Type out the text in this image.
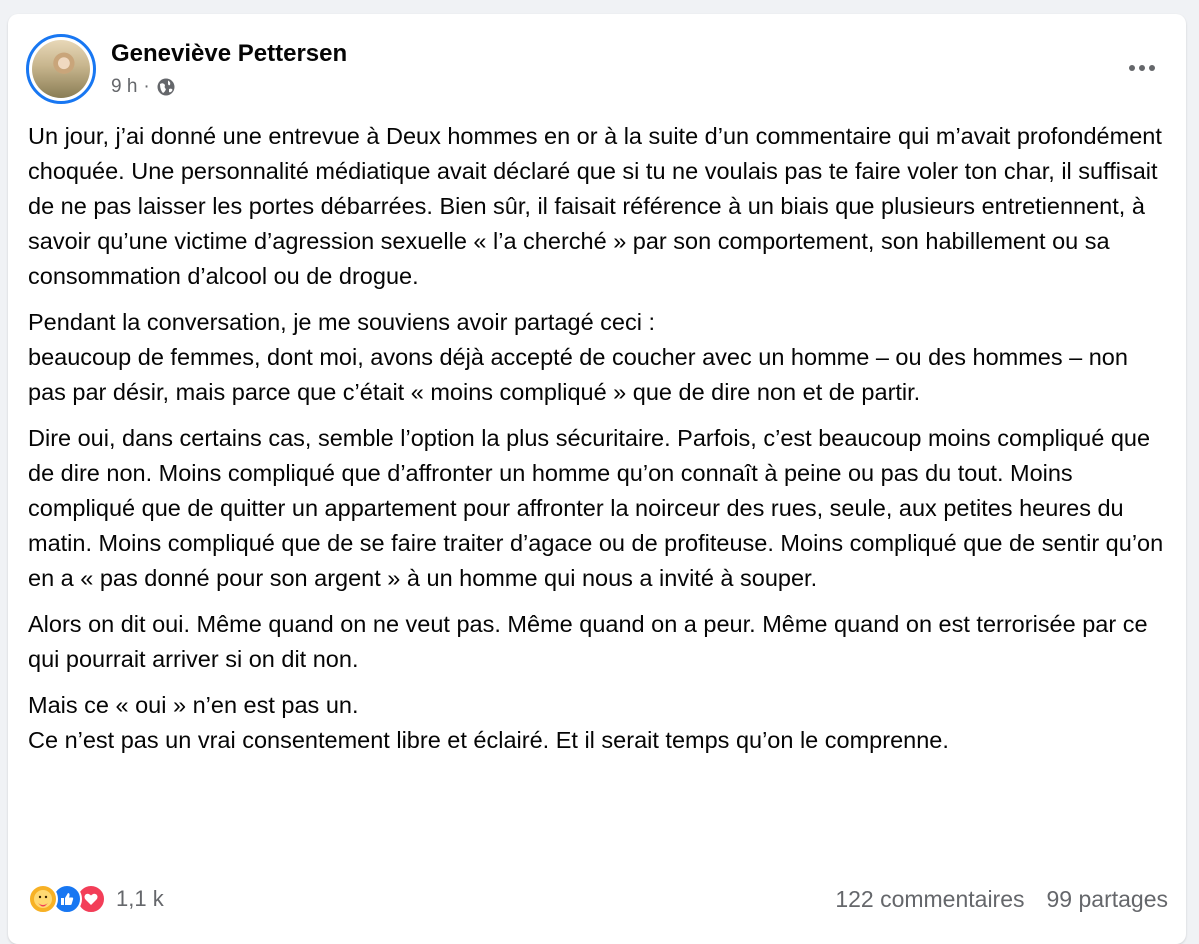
Geneviève Pettersen
9 h ·

Un jour, j’ai donné une entrevue à Deux hommes en or à la suite d’un commentaire qui m’avait profondément choquée. Une personnalité médiatique avait déclaré que si tu ne voulais pas te faire voler ton char, il suffisait de ne pas laisser les portes débarrées. Bien sûr, il faisait référence à un biais que plusieurs entretiennent, à savoir qu’une victime d’agression sexuelle « l’a cherché » par son comportement, son habillement ou sa consommation d’alcool ou de drogue.

Pendant la conversation, je me souviens avoir partagé ceci :
beaucoup de femmes, dont moi, avons déjà accepté de coucher avec un homme – ou des hommes – non pas par désir, mais parce que c’était « moins compliqué » que de dire non et de partir.

Dire oui, dans certains cas, semble l’option la plus sécuritaire. Parfois, c’est beaucoup moins compliqué que de dire non. Moins compliqué que d’affronter un homme qu’on connaît à peine ou pas du tout. Moins compliqué que de quitter un appartement pour affronter la noirceur des rues, seule, aux petites heures du matin. Moins compliqué que de se faire traiter d’agace ou de profiteuse. Moins compliqué que de sentir qu’on en a « pas donné pour son argent » à un homme qui nous a invité à souper.

Alors on dit oui. Même quand on ne veut pas. Même quand on a peur. Même quand on est terrorisée par ce qui pourrait arriver si on dit non.

Mais ce « oui » n’en est pas un.
Ce n’est pas un vrai consentement libre et éclairé. Et il serait temps qu’on le comprenne.

1,1 k	122 commentaires 99 partages
